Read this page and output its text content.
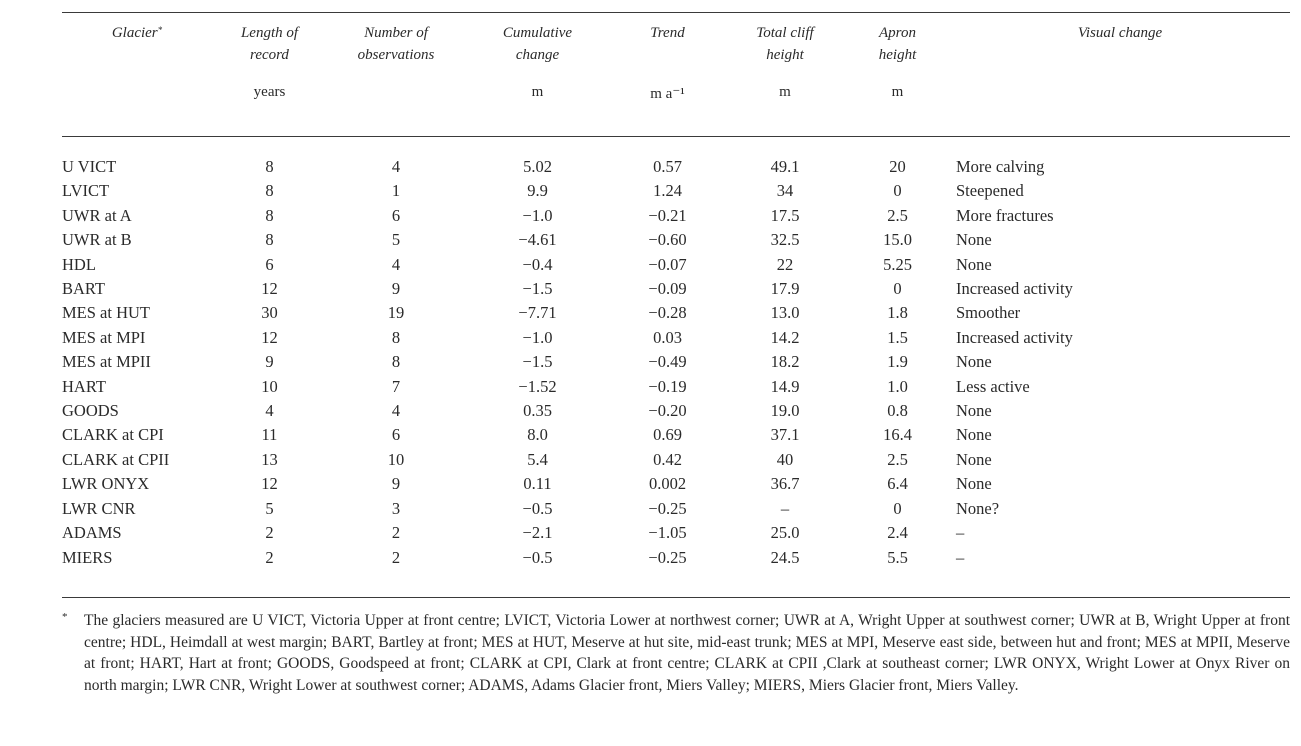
Glacier*	Length of record	Number of observations	Cumulative change	Trend	Total cliff height	Apron height	Visual change
	years		m	m a⁻¹	m	m	
U VICT	8	4	5.02	0.57	49.1	20	More calving
LVICT	8	1	9.9	1.24	34	0	Steepened
UWR at A	8	6	−1.0	−0.21	17.5	2.5	More fractures
UWR at B	8	5	−4.61	−0.60	32.5	15.0	None
HDL	6	4	−0.4	−0.07	22	5.25	None
BART	12	9	−1.5	−0.09	17.9	0	Increased activity
MES at HUT	30	19	−7.71	−0.28	13.0	1.8	Smoother
MES at MPI	12	8	−1.0	0.03	14.2	1.5	Increased activity
MES at MPII	9	8	−1.5	−0.49	18.2	1.9	None
HART	10	7	−1.52	−0.19	14.9	1.0	Less active
GOODS	4	4	0.35	−0.20	19.0	0.8	None
CLARK at CPI	11	6	8.0	0.69	37.1	16.4	None
CLARK at CPII	13	10	5.4	0.42	40	2.5	None
LWR ONYX	12	9	0.11	0.002	36.7	6.4	None
LWR CNR	5	3	−0.5	−0.25	–	0	None?
ADAMS	2	2	−2.1	−1.05	25.0	2.4	–
MIERS	2	2	−0.5	−0.25	24.5	5.5	–
*	The glaciers measured are U VICT, Victoria Upper at front centre; LVICT, Victoria Lower at northwest corner; UWR at A, Wright Upper at southwest corner; UWR at B, Wright Upper at front centre; HDL, Heimdall at west margin; BART, Bartley at front; MES at HUT, Meserve at hut site, mid-east trunk; MES at MPI, Meserve east side, between hut and front; MES at MPII, Meserve at front; HART, Hart at front; GOODS, Goodspeed at front; CLARK at CPI, Clark at front centre; CLARK at CPII ,Clark at southeast corner; LWR ONYX, Wright Lower at Onyx River on north margin; LWR CNR, Wright Lower at southwest corner; ADAMS, Adams Glacier front, Miers Valley; MIERS, Miers Glacier front, Miers Valley.
